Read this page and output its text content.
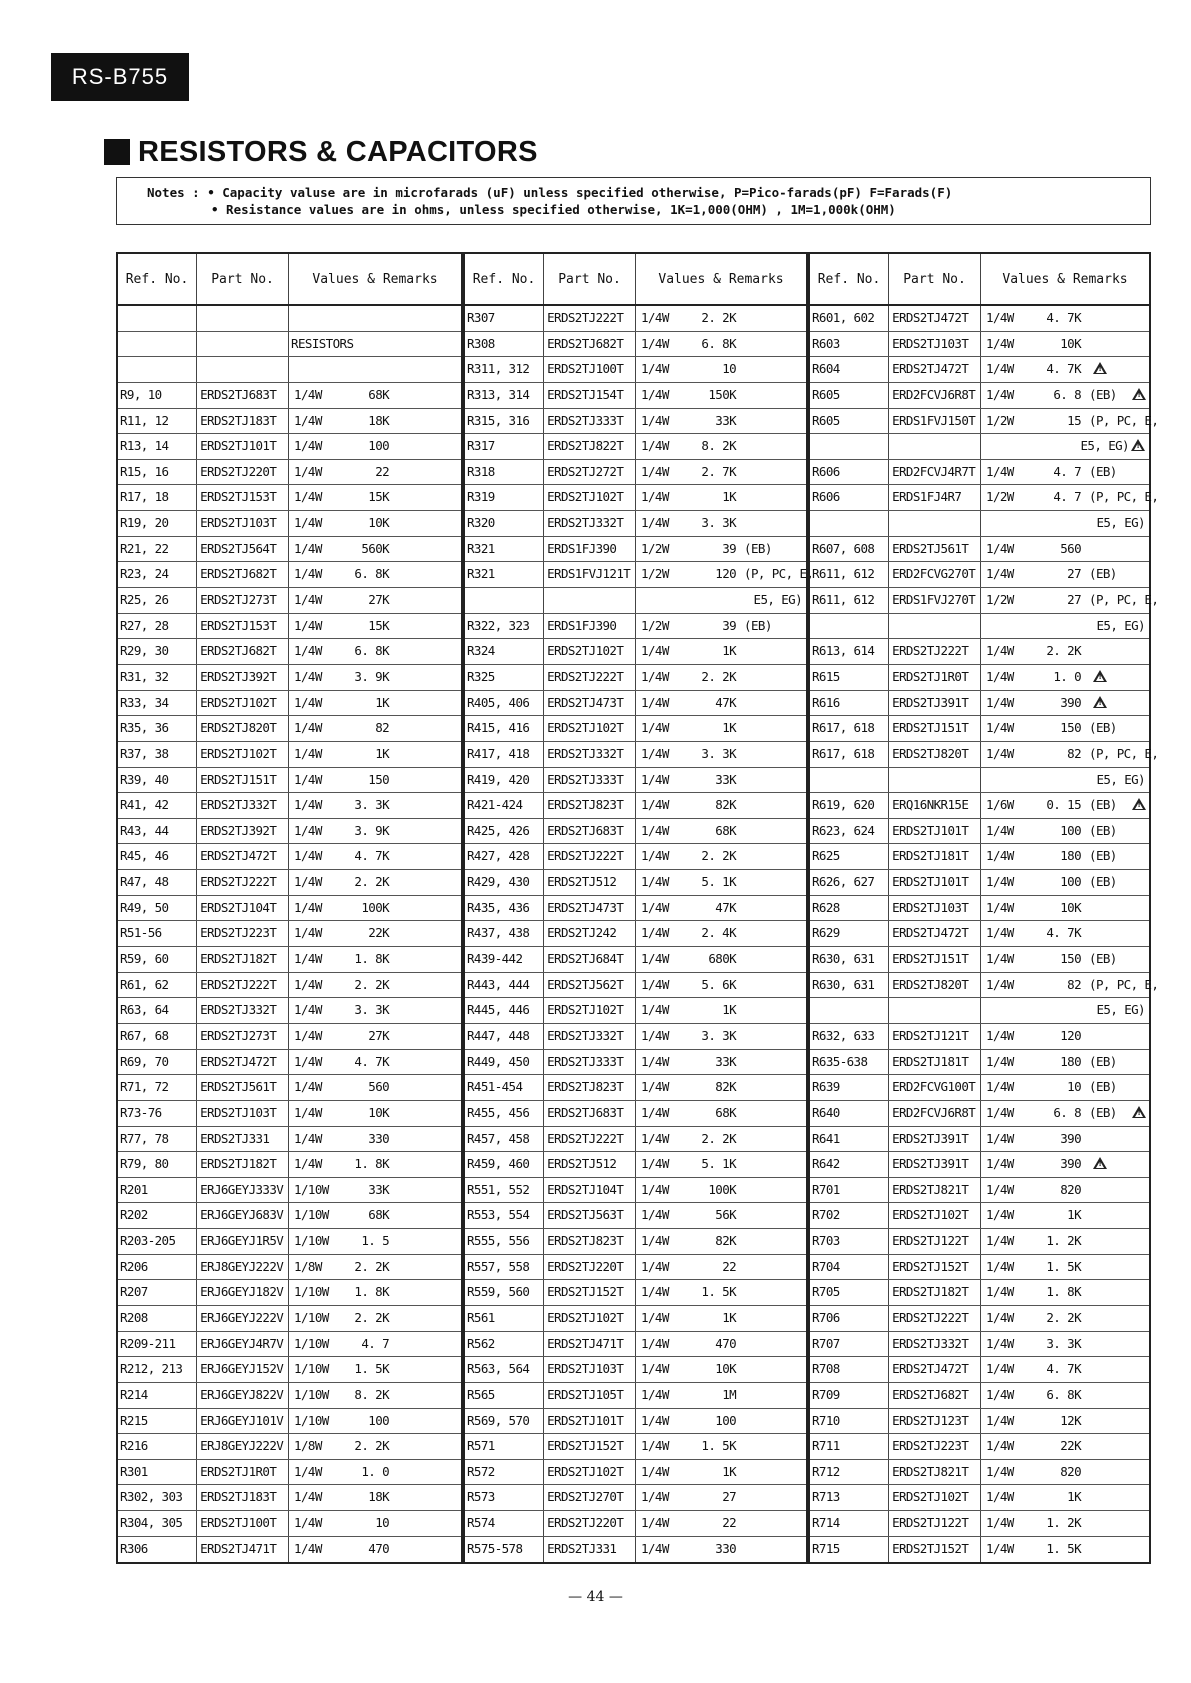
RS-B755
RESISTORS & CAPACITORS
Notes : • Capacity valuse are in microfarads (uF) unless specified otherwise, P=Pico-farads(pF) F=Farads(F)
• Resistance values are in ohms, unless specified otherwise, 1K=1,000(OHM) , 1M=1,000k(OHM)
Ref. No.	Part No.	Values & Remarks
RESISTORS
R9, 10	ERDS2TJ683T	1/4W	68K
R11, 12	ERDS2TJ183T	1/4W	18K
R13, 14	ERDS2TJ101T	1/4W	100
R15, 16	ERDS2TJ220T	1/4W	22
R17, 18	ERDS2TJ153T	1/4W	15K
R19, 20	ERDS2TJ103T	1/4W	10K
R21, 22	ERDS2TJ564T	1/4W	560K
R23, 24	ERDS2TJ682T	1/4W	6. 8K
R25, 26	ERDS2TJ273T	1/4W	27K
R27, 28	ERDS2TJ153T	1/4W	15K
R29, 30	ERDS2TJ682T	1/4W	6. 8K
R31, 32	ERDS2TJ392T	1/4W	3. 9K
R33, 34	ERDS2TJ102T	1/4W	1K
R35, 36	ERDS2TJ820T	1/4W	82
R37, 38	ERDS2TJ102T	1/4W	1K
R39, 40	ERDS2TJ151T	1/4W	150
R41, 42	ERDS2TJ332T	1/4W	3. 3K
R43, 44	ERDS2TJ392T	1/4W	3. 9K
R45, 46	ERDS2TJ472T	1/4W	4. 7K
R47, 48	ERDS2TJ222T	1/4W	2. 2K
R49, 50	ERDS2TJ104T	1/4W	100K
R51-56	ERDS2TJ223T	1/4W	22K
R59, 60	ERDS2TJ182T	1/4W	1. 8K
R61, 62	ERDS2TJ222T	1/4W	2. 2K
R63, 64	ERDS2TJ332T	1/4W	3. 3K
R67, 68	ERDS2TJ273T	1/4W	27K
R69, 70	ERDS2TJ472T	1/4W	4. 7K
R71, 72	ERDS2TJ561T	1/4W	560
R73-76	ERDS2TJ103T	1/4W	10K
R77, 78	ERDS2TJ331	1/4W	330
R79, 80	ERDS2TJ182T	1/4W	1. 8K
R201	ERJ6GEYJ333V 1/10W	33K
R202	ERJ6GEYJ683V 1/10W	68K
R203-205	ERJ6GEYJ1R5V 1/10W	1. 5
R206	ERJ8GEYJ222V 1/8W	2. 2K
R207	ERJ6GEYJ182V 1/10W	1. 8K
R208	ERJ6GEYJ222V 1/10W	2. 2K
R209-211	ERJ6GEYJ4R7V 1/10W	4. 7
R212, 213	ERJ6GEYJ152V 1/10W	1. 5K
R214	ERJ6GEYJ822V 1/10W	8. 2K
R215	ERJ6GEYJ101V 1/10W	100
R216	ERJ8GEYJ222V 1/8W	2. 2K
R301	ERDS2TJ1R0T	1/4W	1. 0
R302, 303	ERDS2TJ183T	1/4W	18K
R304, 305	ERDS2TJ100T	1/4W	10
R306	ERDS2TJ471T	1/4W	470
Ref. No.	Part No.	Values & Remarks
R307	ERDS2TJ222T	1/4W	2. 2K
R308	ERDS2TJ682T	1/4W	6. 8K
R311, 312	ERDS2TJ100T	1/4W	10
R313, 314	ERDS2TJ154T	1/4W	150K
R315, 316	ERDS2TJ333T	1/4W	33K
R317	ERDS2TJ822T	1/4W	8. 2K
R318	ERDS2TJ272T	1/4W	2. 7K
R319	ERDS2TJ102T	1/4W	1K
R320	ERDS2TJ332T	1/4W	3. 3K
R321	ERDS1FJ390	1/2W	39 (EB)
R321	ERDS1FVJ121T 1/2W	120 (P, PC, E,
E5, EG)
R322, 323	ERDS1FJ390	1/2W	39 (EB)
R324	ERDS2TJ102T	1/4W	1K
R325	ERDS2TJ222T	1/4W	2. 2K
R405, 406	ERDS2TJ473T	1/4W	47K
R415, 416	ERDS2TJ102T	1/4W	1K
R417, 418	ERDS2TJ332T	1/4W	3. 3K
R419, 420	ERDS2TJ333T	1/4W	33K
R421-424	ERDS2TJ823T	1/4W	82K
R425, 426	ERDS2TJ683T	1/4W	68K
R427, 428	ERDS2TJ222T	1/4W	2. 2K
R429, 430	ERDS2TJ512	1/4W	5. 1K
R435, 436	ERDS2TJ473T	1/4W	47K
R437, 438	ERDS2TJ242	1/4W	2. 4K
R439-442	ERDS2TJ684T	1/4W	680K
R443, 444	ERDS2TJ562T	1/4W	5. 6K
R445, 446	ERDS2TJ102T	1/4W	1K
R447, 448	ERDS2TJ332T	1/4W	3. 3K
R449, 450	ERDS2TJ333T	1/4W	33K
R451-454	ERDS2TJ823T	1/4W	82K
R455, 456	ERDS2TJ683T	1/4W	68K
R457, 458	ERDS2TJ222T	1/4W	2. 2K
R459, 460	ERDS2TJ512	1/4W	5. 1K
R551, 552	ERDS2TJ104T	1/4W	100K
R553, 554	ERDS2TJ563T	1/4W	56K
R555, 556	ERDS2TJ823T	1/4W	82K
R557, 558	ERDS2TJ220T	1/4W	22
R559, 560	ERDS2TJ152T	1/4W	1. 5K
R561	ERDS2TJ102T	1/4W	1K
R562	ERDS2TJ471T	1/4W	470
R563, 564	ERDS2TJ103T	1/4W	10K
R565	ERDS2TJ105T	1/4W	1M
R569, 570	ERDS2TJ101T	1/4W	100
R571	ERDS2TJ152T	1/4W	1. 5K
R572	ERDS2TJ102T	1/4W	1K
R573	ERDS2TJ270T	1/4W	27
R574	ERDS2TJ220T	1/4W	22
R575-578	ERDS2TJ331	1/4W	330
Ref. No.	Part No.	Values & Remarks
R601, 602	ERDS2TJ472T	1/4W	4. 7K
R603	ERDS2TJ103T	1/4W	10K
R604	ERDS2TJ472T	1/4W	4. 7K
!
R605	ERD2FCVJ6R8T 1/4W	6. 8 (EB)
!
R605	ERDS1FVJ150T 1/2W	15 (P, PC, E,
E5, EG)
!
R606	ERD2FCVJ4R7T 1/4W	4. 7 (EB)
R606	ERDS1FJ4R7	1/2W	4. 7 (P, PC, E,
E5, EG)
R607, 608	ERDS2TJ561T	1/4W	560
R611, 612	ERD2FCVG270T 1/4W	27 (EB)
R611, 612	ERDS1FVJ270T 1/2W	27 (P, PC, E,
E5, EG)
R613, 614	ERDS2TJ222T	1/4W	2. 2K
R615	ERDS2TJ1R0T	1/4W	1. 0
!
R616	ERDS2TJ391T	1/4W	390
!
R617, 618	ERDS2TJ151T	1/4W	150 (EB)
R617, 618	ERDS2TJ820T	1/4W	82 (P, PC, E,
E5, EG)
R619, 620	ERQ16NKR15E	1/6W	0. 15 (EB)
!
R623, 624	ERDS2TJ101T	1/4W	100 (EB)
R625	ERDS2TJ181T	1/4W	180 (EB)
R626, 627	ERDS2TJ101T	1/4W	100 (EB)
R628	ERDS2TJ103T	1/4W	10K
R629	ERDS2TJ472T	1/4W	4. 7K
R630, 631	ERDS2TJ151T	1/4W	150 (EB)
R630, 631	ERDS2TJ820T	1/4W	82 (P, PC, E,
E5, EG)
R632, 633	ERDS2TJ121T	1/4W	120
R635-638	ERDS2TJ181T	1/4W	180 (EB)
R639	ERD2FCVG100T 1/4W	10 (EB)
R640	ERD2FCVJ6R8T 1/4W	6. 8 (EB)
!
R641	ERDS2TJ391T	1/4W	390
R642	ERDS2TJ391T	1/4W	390
!
R701	ERDS2TJ821T	1/4W	820
R702	ERDS2TJ102T	1/4W	1K
R703	ERDS2TJ122T	1/4W	1. 2K
R704	ERDS2TJ152T	1/4W	1. 5K
R705	ERDS2TJ182T	1/4W	1. 8K
R706	ERDS2TJ222T	1/4W	2. 2K
R707	ERDS2TJ332T	1/4W	3. 3K
R708	ERDS2TJ472T	1/4W	4. 7K
R709	ERDS2TJ682T	1/4W	6. 8K
R710	ERDS2TJ123T	1/4W	12K
R711	ERDS2TJ223T	1/4W	22K
R712	ERDS2TJ821T	1/4W	820
R713	ERDS2TJ102T	1/4W	1K
R714	ERDS2TJ122T	1/4W	1. 2K
R715	ERDS2TJ152T	1/4W	1. 5K
— 44 —
